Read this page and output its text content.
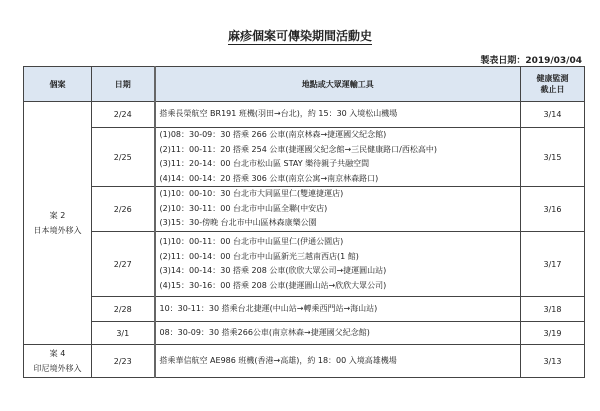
麻疹個案可傳染期間活動史
製表日期：2019/03/04
個案	日期	地點或大眾運輸工具	健康監測
截止日

案 2
日本境外移入	2/24	搭乘長榮航空 BR191 班機(羽田→台北)，約 15：30 入境松山機場	3/14
	2/25	(1)08：30-09：30 搭乘 266 公車(南京林森→捷運國父紀念館)
(2)11：00-11：20 搭乘 254 公車(捷運國父紀念館→三民健康路口/西松高中)
(3)11：20-14：00 台北市松山區 STAY 樂待親子共融空間
(4)14：00-14：20 搭乘 306 公車(南京公寓→南京林森路口)	3/15
	2/26	(1)10：00-10：30 台北市大同區里仁(雙連捷運店)
(2)10：30-11：00 台北市中山區全聯(中安店)
(3)15：30-傍晚 台北市中山區林森康樂公園	3/16
	2/27	(1)10：00-11：00 台北市中山區里仁(伊通公園店)
(2)11：00-14：00 台北市中山區新光三越南西店(1 館)
(3)14：00-14：30 搭乘 208 公車(欣欣大眾公司→捷運圓山站)
(4)15：30-16：00 搭乘 208 公車(捷運圓山站→欣欣大眾公司)	3/17
	2/28	10：30-11：30 搭乘台北捷運(中山站→轉乘西門站→海山站)	3/18
	3/1	08：30-09：30 搭乘266公車(南京林森→捷運國父紀念館)	3/19

案 4
印尼境外移入	2/23	搭乘華信航空 AE986 班機(香港→高雄)，約 18：00 入境高雄機場	3/13
